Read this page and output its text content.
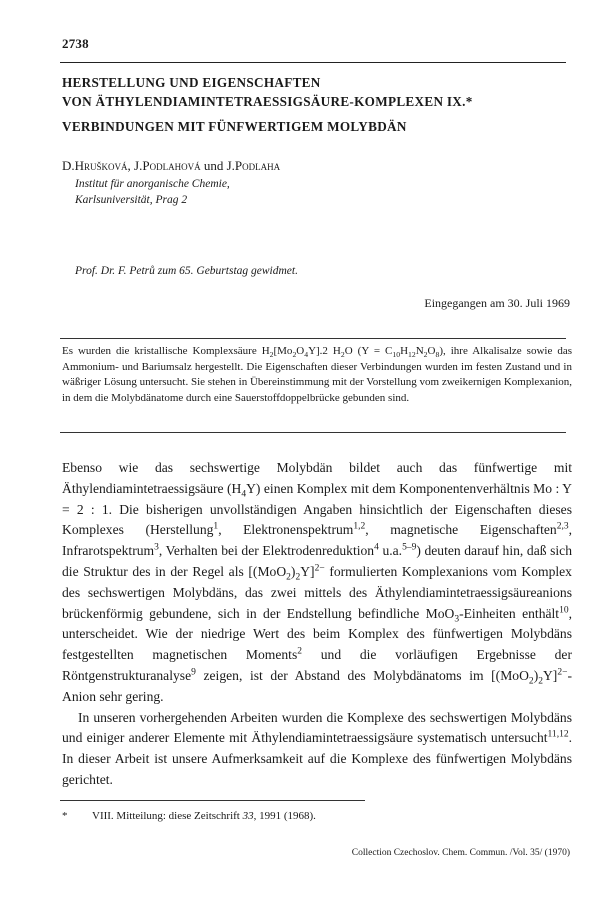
2738
HERSTELLUNG UND EIGENSCHAFTEN
VON ÄTHYLENDIAMINTETRAESSIGSÄURE-KOMPLEXEN IX.*
VERBINDUNGEN MIT FÜNFWERTIGEM MOLYBDÄN
D.Hrušková, J.Podlahová und J.Podlaha
Institut für anorganische Chemie,
Karlsuniversität, Prag 2
Prof. Dr. F. Petrů zum 65. Geburtstag gewidmet.
Eingegangen am 30. Juli 1969

Es wurden die kristallische Komplexsäure $H_2[Mo_2O_4Y].2$ $H_2O$ $(Y = C_{10}H_{12}N_2O_8)$, ihre Alkalisalze sowie das Ammonium- und Bariumsalz hergestellt. Die Eigenschaften dieser Verbindungen wurden im festen Zustand und in wäßriger Lösung untersucht. Sie stehen in Übereinstimmung mit der Vorstellung vom zweikernigen Komplexanion, in dem die Molybdänatome durch eine Sauerstoffdoppelbrücke gebunden sind.

Ebenso wie das sechswertige Molybdän bildet auch das fünfwertige mit Äthylendiamintetraessigsäure $(H_4Y)$ einen Komplex mit dem Komponentenverhältnis Mo : Y = 2 : 1. Die bisherigen unvollständigen Angaben hinsichtlich der Eigenschaften dieses Komplexes (Herstellung$^1$, Elektronenspektrum$^{1,2}$, magnetische Eigenschaften$^{2,3}$, Infrarotspektrum$^3$, Verhalten bei der Elektrodenreduktion$^4$ u.a.$^{5-9}$) deuten darauf hin, daß sich die Struktur des in der Regel als $[(MoO_2)_2Y]^{2-}$ formulierten Komplexanions vom Komplex des sechswertigen Molybdäns, das zwei mittels des Äthylendiamintetraessigsäureanions brückenförmig gebundene, sich in der Endstellung befindliche MoO$_3$-Einheiten enthält$^{10}$, unterscheidet. Wie der niedrige Wert des beim Komplex des fünfwertigen Molybdäns festgestellten magnetischen Moments$^2$ und die vorläufigen Ergebnisse der Röntgenstrukturanalyse$^9$ zeigen, ist der Abstand des Molybdänatoms im $[(MoO_2)_2Y]^{2-}$-Anion sehr gering.

In unseren vorhergehenden Arbeiten wurden die Komplexe des sechswertigen Molybdäns und einiger anderer Elemente mit Äthylendiamintetraessigsäure systematisch untersucht$^{11,12}$. In dieser Arbeit ist unsere Aufmerksamkeit auf die Komplexe des fünfwertigen Molybdäns gerichtet.

* VIII. Mitteilung: diese Zeitschrift 33, 1991 (1968).
Collection Czechoslov. Chem. Commun. /Vol. 35/ (1970)
